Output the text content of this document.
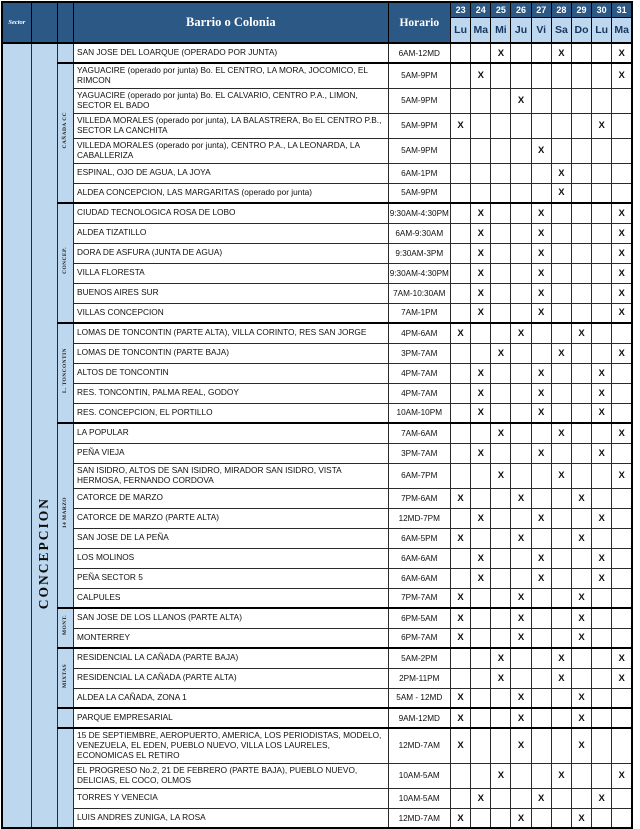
Sector			Barrio o Colonia	Horario	23	24	25	26	27	28	29	30	31
					Lu	Ma	Mi	Ju	Vi	Sa	Do	Lu	Ma
	CONCEPCION		SAN JOSE DEL LOARQUE (OPERADO POR JUNTA)	6AM-12MD			X			X			X
		CAÑADA CC	YAGUACIRE (operado por junta) Bo. EL CENTRO, LA MORA, JOCOMICO, EL RIMCON	5AM-9PM		X							X
			YAGUACIRE (operado por junta) Bo. EL CALVARIO, CENTRO P.A., LIMON, SECTOR EL BADO	5AM-9PM				X					
			VILLEDA MORALES (operado por junta), LA BALASTRERA, Bo EL CENTRO P.B., SECTOR LA CANCHITA	5AM-9PM	X							X	
			VILLEDA MORALES (operado por junta), CENTRO P.A., LA LEONARDA, LA CABALLERIZA	5AM-9PM					X				
			ESPINAL, OJO DE AGUA, LA JOYA	6AM-1PM						X			
			ALDEA CONCEPCION, LAS MARGARITAS (operado por junta)	5AM-9PM						X			
		CONCEP.	CIUDAD TECNOLOGICA ROSA DE LOBO	9:30AM-4:30PM		X			X				X
			ALDEA TIZATILLO	6AM-9:30AM		X			X				X
			DORA DE ASFURA (JUNTA DE AGUA)	9:30AM-3PM		X			X				X
			VILLA FLORESTA	9:30AM-4:30PM		X			X				X
			BUENOS AIRES SUR	7AM-10:30AM		X			X				X
			VILLAS CONCEPCION	7AM-1PM		X			X				X
		L. TONCONTIN	LOMAS DE TONCONTIN (PARTE ALTA), VILLA CORINTO, RES SAN JORGE	4PM-6AM	X			X			X		
			LOMAS DE TONCONTIN (PARTE BAJA)	3PM-7AM			X			X			X
			ALTOS DE TONCONTIN	4PM-7AM		X			X			X	
			RES. TONCONTIN, PALMA REAL, GODOY	4PM-7AM		X			X			X	
			RES. CONCEPCION, EL PORTILLO	10AM-10PM		X			X			X	
		14 MARZO	LA POPULAR	7AM-6AM			X			X			X
			PEÑA VIEJA	3PM-7AM		X			X			X	
			SAN ISIDRO, ALTOS DE SAN ISIDRO, MIRADOR SAN ISIDRO, VISTA HERMOSA, FERNANDO CORDOVA	6AM-7PM			X			X			X
			CATORCE DE MARZO	7PM-6AM	X			X			X		
			CATORCE DE MARZO (PARTE ALTA)	12MD-7PM		X			X			X	
			SAN JOSE DE LA PEÑA	6AM-5PM	X			X			X		
			LOS MOLINOS	6AM-6AM		X			X			X	
			PEÑA SECTOR 5	6AM-6AM		X			X			X	
			CALPULES	7PM-7AM	X			X			X		
		MONT.	SAN JOSE DE LOS LLANOS (PARTE ALTA)	6PM-5AM	X			X			X		
			MONTERREY	6PM-7AM	X			X			X		
		MIXTAS	RESIDENCIAL LA CAÑADA (PARTE BAJA)	5AM-2PM			X			X			X
			RESIDENCIAL LA CAÑADA (PARTE ALTA)	2PM-11PM			X			X			X
			ALDEA LA CAÑADA, ZONA 1	5AM - 12MD	X			X			X		
			PARQUE EMPRESARIAL	9AM-12MD	X			X			X		
			15 DE SEPTIEMBRE, AEROPUERTO, AMERICA, LOS PERIODISTAS, MODELO, VENEZUELA, EL EDEN, PUEBLO NUEVO, VILLA LOS LAURELES, ECONOMICAS EL RETIRO	12MD-7AM	X			X			X		
			EL PROGRESO No.2, 21 DE FEBRERO (PARTE BAJA), PUEBLO NUEVO, DELICIAS, EL COCO, OLMOS	10AM-5AM			X			X			X
			TORRES Y VENECIA	10AM-5AM		X			X			X	
			LUIS ANDRES ZUNIGA, LA ROSA	12MD-7AM	X			X			X		
